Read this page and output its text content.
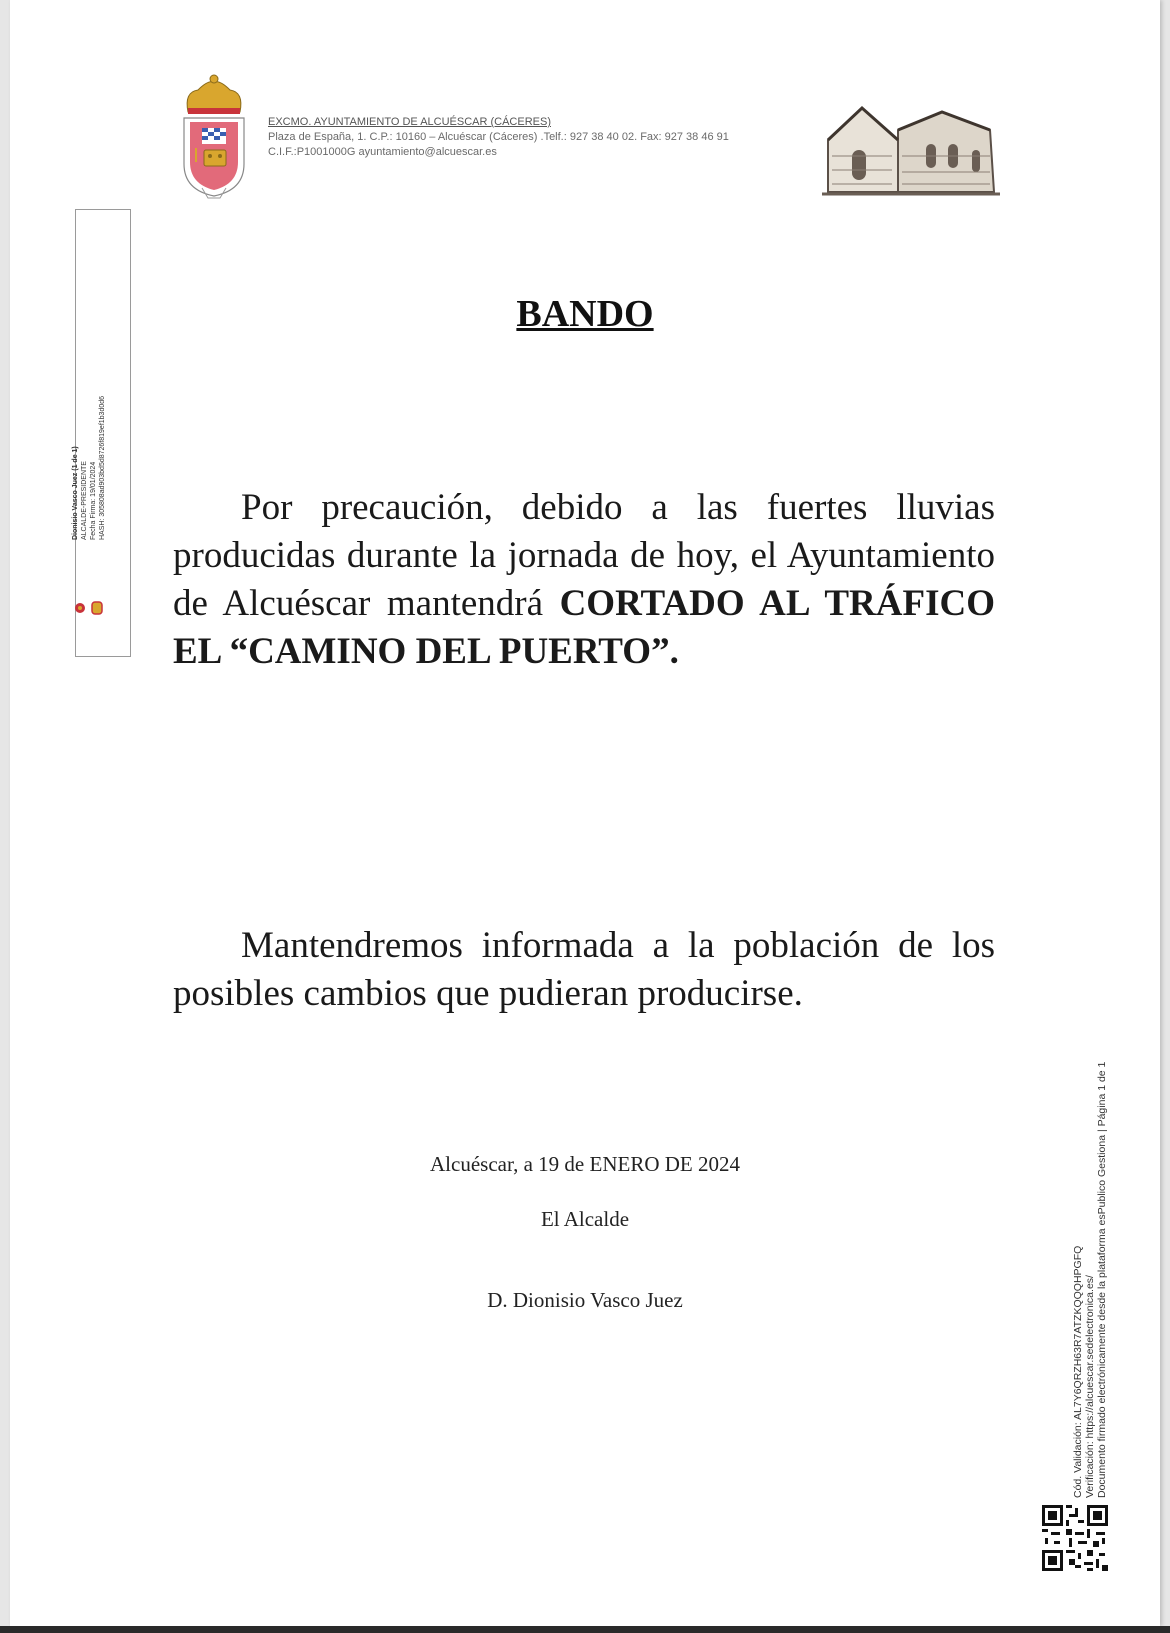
EXCMO. AYUNTAMIENTO DE ALCUÉSCAR (CÁCERES)
Plaza de España, 1. C.P.: 10160 – Alcuéscar (Cáceres) .Telf.: 927 38 40 02. Fax: 927 38 46 91
C.I.F.:P1001000G ayuntamiento@alcuescar.es
Dionisio Vasco Juez (1 de 1) ALCALDE-PRESIDENTE Fecha Firma: 19/01/2024 HASH: 305808ad903bd5d8726f819ef1b3d0d6
BANDO
Por precaución, debido a las fuertes lluvias producidas durante la jornada de hoy, el Ayuntamiento de Alcuéscar mantendrá CORTADO AL TRÁFICO EL “CAMINO DEL PUERTO”.
Mantendremos informada a la población de los posibles cambios que pudieran producirse.
Alcuéscar, a 19 de ENERO DE 2024
El Alcalde
D. Dionisio Vasco Juez	Cód. Validación: AL7Y6QRZH63R7ATZKQQQHPGFQ Verificación: https://alcuescar.sedelectronica.es/ Documento firmado electrónicamente desde la plataforma esPublico Gestiona | Página 1 de 1
